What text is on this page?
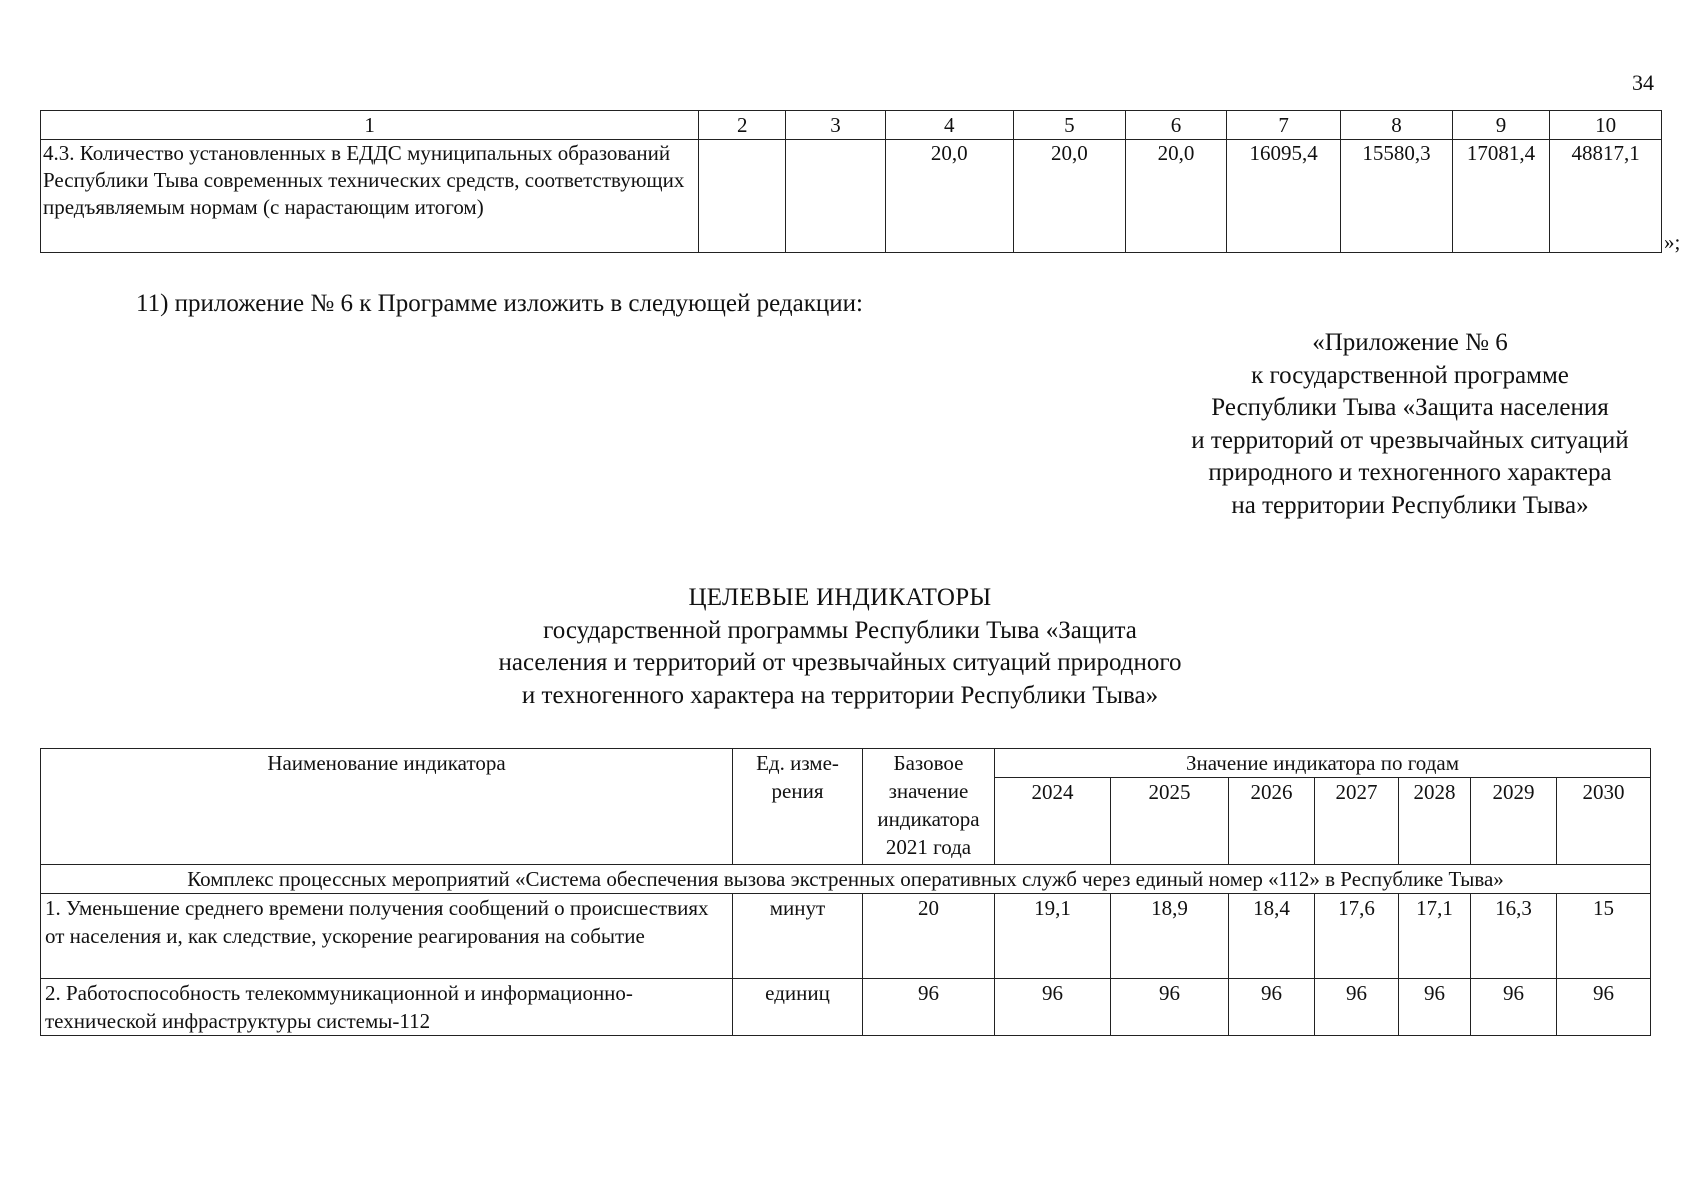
34
1	2	3	4	5	6	7	8	9	10
4.3. Количество установленных в ЕДДС муниципальных образований Республики Тыва современных технических средств, соответствующих предъявляемым нормам (с нарастающим итогом)			20,0	20,0	20,0	16095,4	15580,3	17081,4	48817,1
»;
11) приложение № 6 к Программе изложить в следующей редакции:
«Приложение № 6
к государственной программе
Республики Тыва «Защита населения
и территорий от чрезвычайных ситуаций
природного и техногенного характера
на территории Республики Тыва»
ЦЕЛЕВЫЕ ИНДИКАТОРЫ
государственной программы Республики Тыва «Защита
населения и территорий от чрезвычайных ситуаций природного
и техногенного характера на территории Республики Тыва»
Наименование индикатора	Ед. изме-рения	Базовое значение индикатора 2021 года	Значение индикатора по годам						
			2024	2025	2026	2027	2028	2029	2030
Комплекс процессных мероприятий «Система обеспечения вызова экстренных оперативных служб через единый номер «112» в Республике Тыва»									
1. Уменьшение среднего времени получения сообщений о происшествиях от населения и, как следствие, ускорение реагирования на событие	минут	20	19,1	18,9	18,4	17,6	17,1	16,3	15
2. Работоспособность телекоммуникационной и информационно-технической инфраструктуры системы-112	единиц	96	96	96	96	96	96	96	96
